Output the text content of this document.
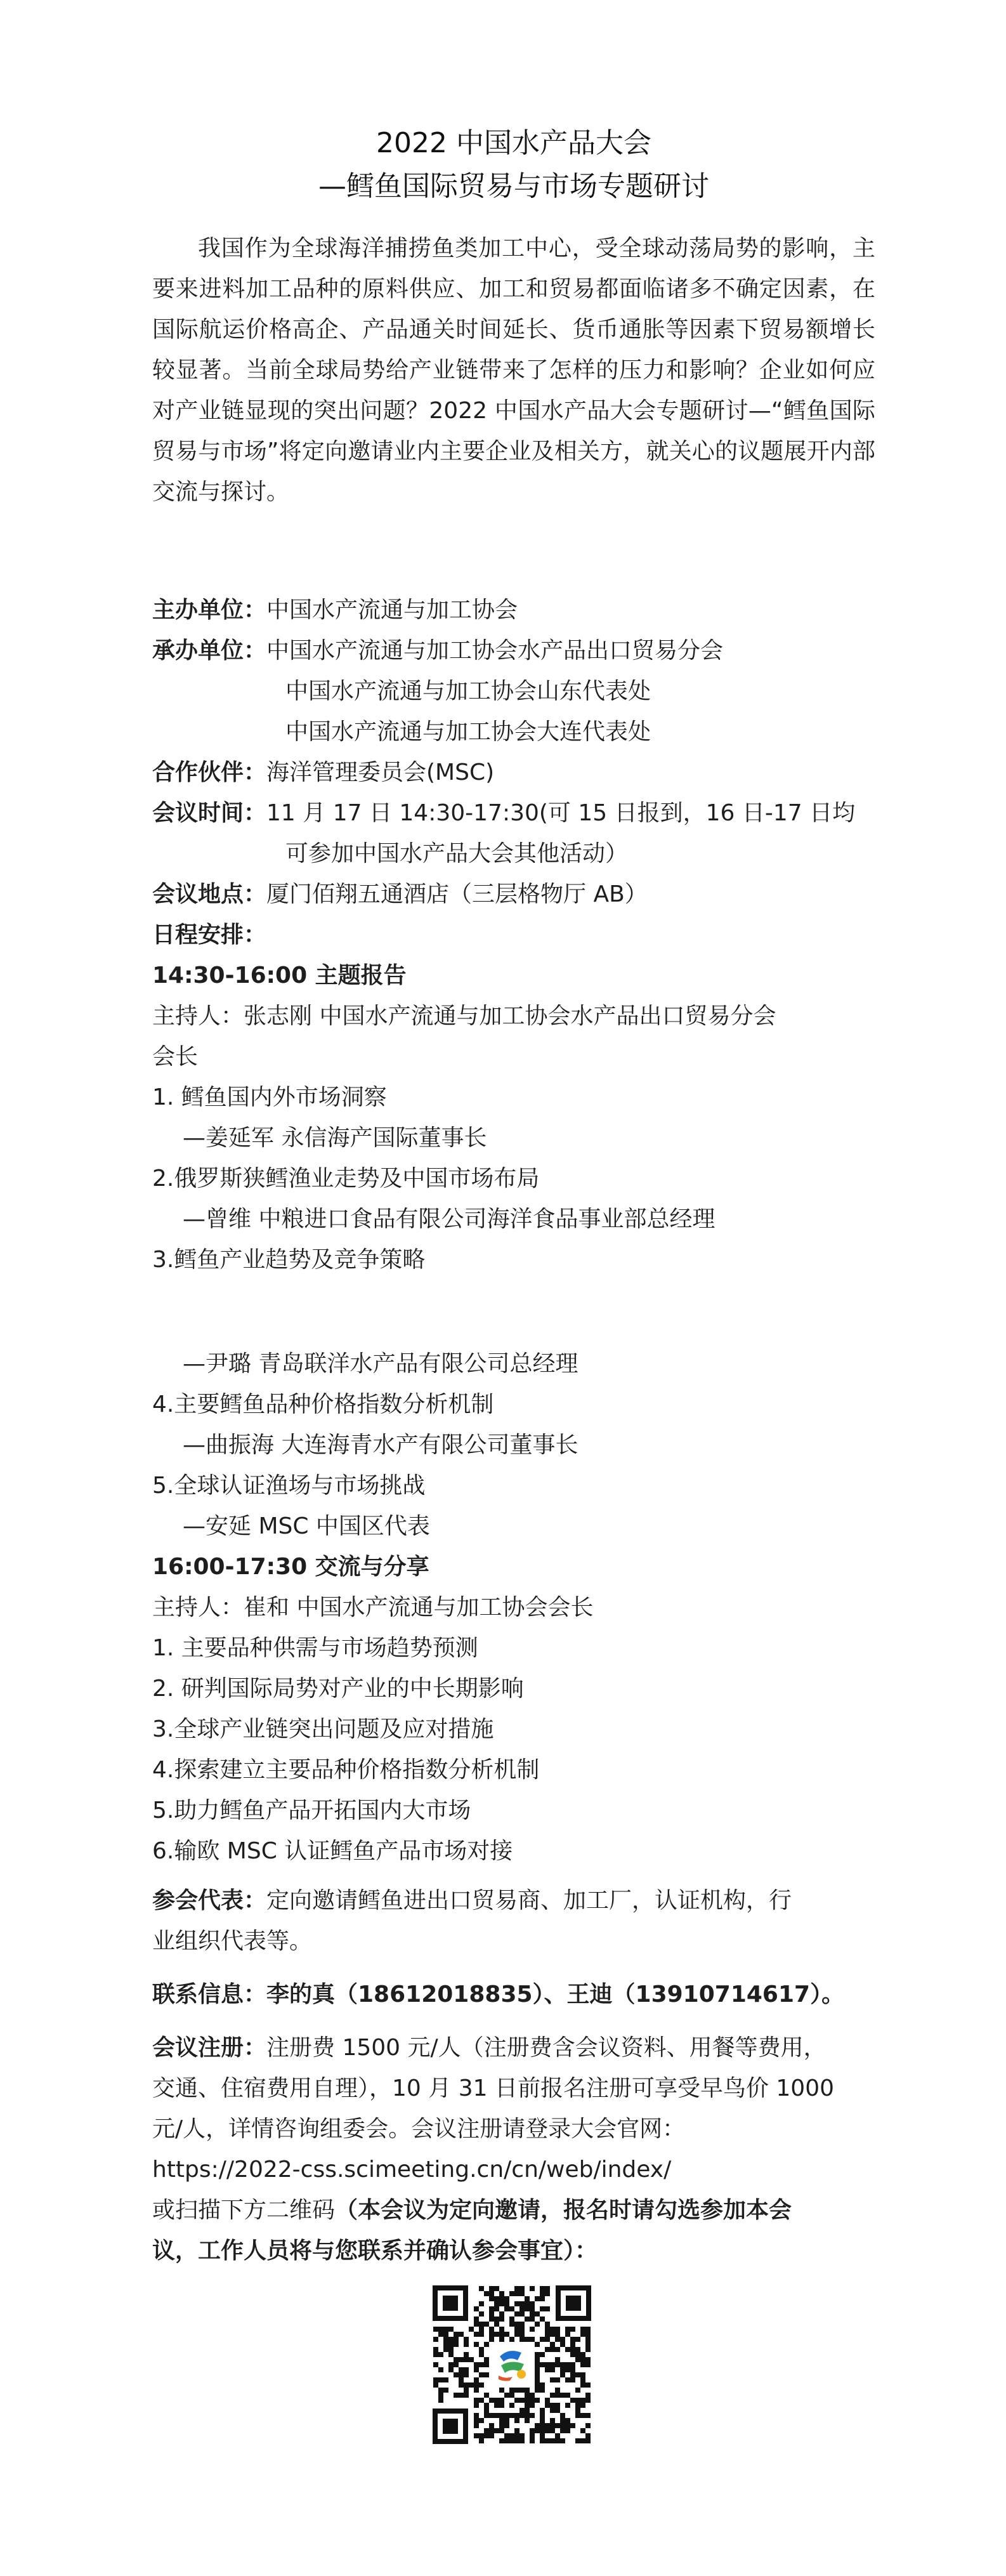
2022 中国水产品大会
—鳕鱼国际贸易与市场专题研讨

我国作为全球海洋捕捞鱼类加工中心，受全球动荡局势的影响，主要来进料加工品种的原料供应、加工和贸易都面临诸多不确定因素，在国际航运价格高企、产品通关时间延长、货币通胀等因素下贸易额增长较显著。当前全球局势给产业链带来了怎样的压力和影响？企业如何应对产业链显现的突出问题？2022 中国水产品大会专题研讨—“鳕鱼国际贸易与市场”将定向邀请业内主要企业及相关方，就关心的议题展开内部交流与探讨。

主办单位：中国水产流通与加工协会
承办单位：中国水产流通与加工协会水产品出口贸易分会
中国水产流通与加工协会山东代表处
中国水产流通与加工协会大连代表处
合作伙伴：海洋管理委员会(MSC)
会议时间：11 月 17 日 14:30-17:30(可 15 日报到，16 日-17 日均
可参加中国水产品大会其他活动）
会议地点：厦门佰翔五通酒店（三层格物厅 AB）
日程安排：
14:30-16:00 主题报告
主持人：张志刚 中国水产流通与加工协会水产品出口贸易分会
会长
1. 鳕鱼国内外市场洞察
—姜延军 永信海产国际董事长
2.俄罗斯狭鳕渔业走势及中国市场布局
—曾维 中粮进口食品有限公司海洋食品事业部总经理
3.鳕鱼产业趋势及竞争策略
—尹璐 青岛联洋水产品有限公司总经理
4.主要鳕鱼品种价格指数分析机制
—曲振海 大连海青水产有限公司董事长
5.全球认证渔场与市场挑战
—安延 MSC 中国区代表
16:00-17:30 交流与分享
主持人：崔和 中国水产流通与加工协会会长
1. 主要品种供需与市场趋势预测
2. 研判国际局势对产业的中长期影响
3.全球产业链突出问题及应对措施
4.探索建立主要品种价格指数分析机制
5.助力鳕鱼产品开拓国内大市场
6.输欧 MSC 认证鳕鱼产品市场对接
参会代表：定向邀请鳕鱼进出口贸易商、加工厂，认证机构，行
业组织代表等。
联系信息：李的真（18612018835）、王迪（13910714617）。
会议注册：注册费 1500 元/人（注册费含会议资料、用餐等费用，
交通、住宿费用自理），10 月 31 日前报名注册可享受早鸟价 1000
元/人，详情咨询组委会。会议注册请登录大会官网：
https://2022-css.scimeeting.cn/cn/web/index/
或扫描下方二维码（本会议为定向邀请，报名时请勾选参加本会
议，工作人员将与您联系并确认参会事宜）：
